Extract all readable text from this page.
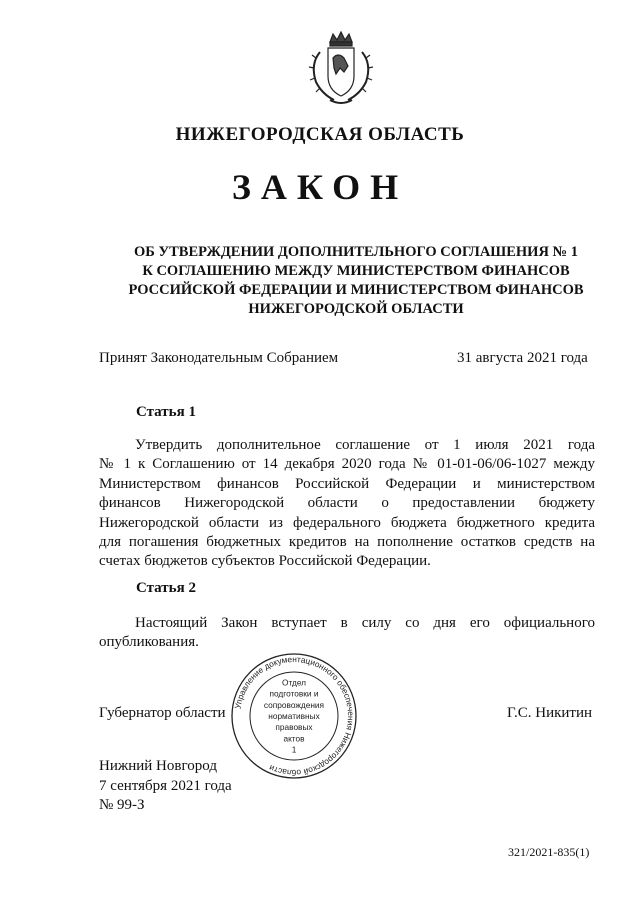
НИЖЕГОРОДСКАЯ ОБЛАСТЬ
ЗАКОН
ОБ УТВЕРЖДЕНИИ ДОПОЛНИТЕЛЬНОГО СОГЛАШЕНИЯ № 1
К СОГЛАШЕНИЮ МЕЖДУ МИНИСТЕРСТВОМ ФИНАНСОВ
РОССИЙСКОЙ ФЕДЕРАЦИИ И МИНИСТЕРСТВОМ ФИНАНСОВ
НИЖЕГОРОДСКОЙ ОБЛАСТИ
Принят Законодательным Собранием	31 августа 2021 года
Статья 1
Утвердить дополнительное соглашение от 1 июля 2021 года
№ 1 к Соглашению от 14 декабря 2020 года № 01-01-06/06-1027 между
Министерством финансов Российской Федерации и министерством
финансов Нижегородской области о предоставлении бюджету
Нижегородской области из федерального бюджета бюджетного кредита
для погашения бюджетных кредитов на пополнение остатков средств на
счетах бюджетов субъектов Российской Федерации.
Статья 2
Настоящий Закон вступает в силу со дня его официального
опубликования.
Губернатор области	Г.С. Никитин
Управление документационного обеспечения Нижегородской области
Отдел
подготовки и
сопровождения
нормативных
правовых
актов
1
Нижний Новгород
7 сентября 2021 года
№ 99-З
321/2021-835(1)
